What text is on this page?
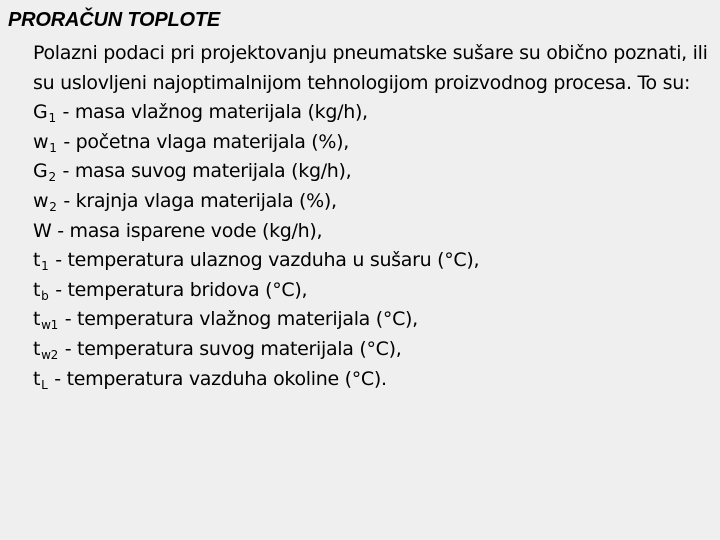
PRORAČUN TOPLOTE

Polazni podaci pri projektovanju pneumatske sušare su obično poznati, ili su uslovljeni najoptimalnijom tehnologijom proizvodnog procesa. To su:

$G_1$ - masa vlažnog materijala (kg/h),
$w_1$ - početna vlaga materijala (%),
$G_2$ - masa suvog materijala (kg/h),
$w_2$ - krajnja vlaga materijala (%),
W - masa isparene vode (kg/h),
$t_1$ - temperatura ulaznog vazduha u sušaru (°C),
$t_b$ - temperatura bridova (°C),
$t_{w1}$ - temperatura vlažnog materijala (°C),
$t_{w2}$ - temperatura suvog materijala (°C),
$t_L$ - temperatura vazduha okoline (°C).
